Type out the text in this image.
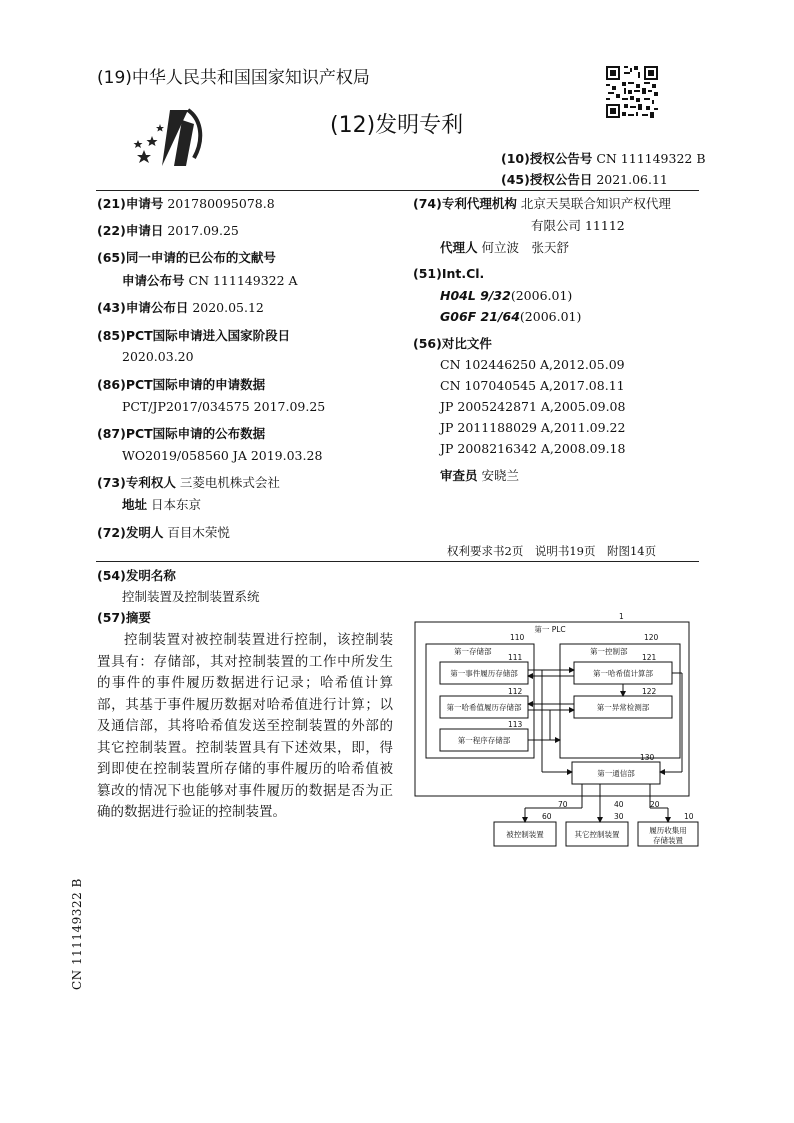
(19)中华人民共和国国家知识产权局
(12)发明专利
(10)授权公告号 CN 111149322 B
(45)授权公告日 2021.06.11
(21)申请号 201780095078.8
(22)申请日 2017.09.25
(65)同一申请的已公布的文献号
申请公布号 CN 111149322 A
(43)申请公布日 2020.05.12
(85)PCT国际申请进入国家阶段日
2020.03.20
(86)PCT国际申请的申请数据
PCT/JP2017/034575 2017.09.25
(87)PCT国际申请的公布数据
WO2019/058560 JA 2019.03.28
(73)专利权人 三菱电机株式会社
地址 日本东京
(72)发明人 百目木荣悦
(74)专利代理机构 北京天昊联合知识产权代理
有限公司 11112
代理人 何立波　张天舒
(51)Int.Cl.
H04L 9/32(2006.01)
G06F 21/64(2006.01)
(56)对比文件
CN 102446250 A,2012.05.09
CN 107040545 A,2017.08.11
JP 2005242871 A,2005.09.08
JP 2011188029 A,2011.09.22
JP 2008216342 A,2008.09.18
审查员 安晓兰
权利要求书2页　说明书19页　附图14页
(54)发明名称
控制装置及控制装置系统
(57)摘要
控制装置对被控制装置进行控制，该控制装置具有：存储部，其对控制装置的工作中所发生的事件的事件履历数据进行记录；哈希值计算部，其基于事件履历数据对哈希值进行计算；以及通信部，其将哈希值发送至控制装置的外部的其它控制装置。控制装置具有下述效果，即，得到即使在控制装置所存储的事件履历的哈希值被篡改的情况下也能够对事件履历的数据是否为正确的数据进行验证的控制装置。
CN 111149322 B
第一 PLC
1
第一存储部
110
第一控制部
120
第一事件履历存储部
111
第一哈希值履历存储部
112
第一程序存储部
113
第一哈希值计算部
121
第一异常检测部
122
第一通信部
130
70	40	20
被控制装置
60
其它控制装置
30
履历收集用
存储装置
10
